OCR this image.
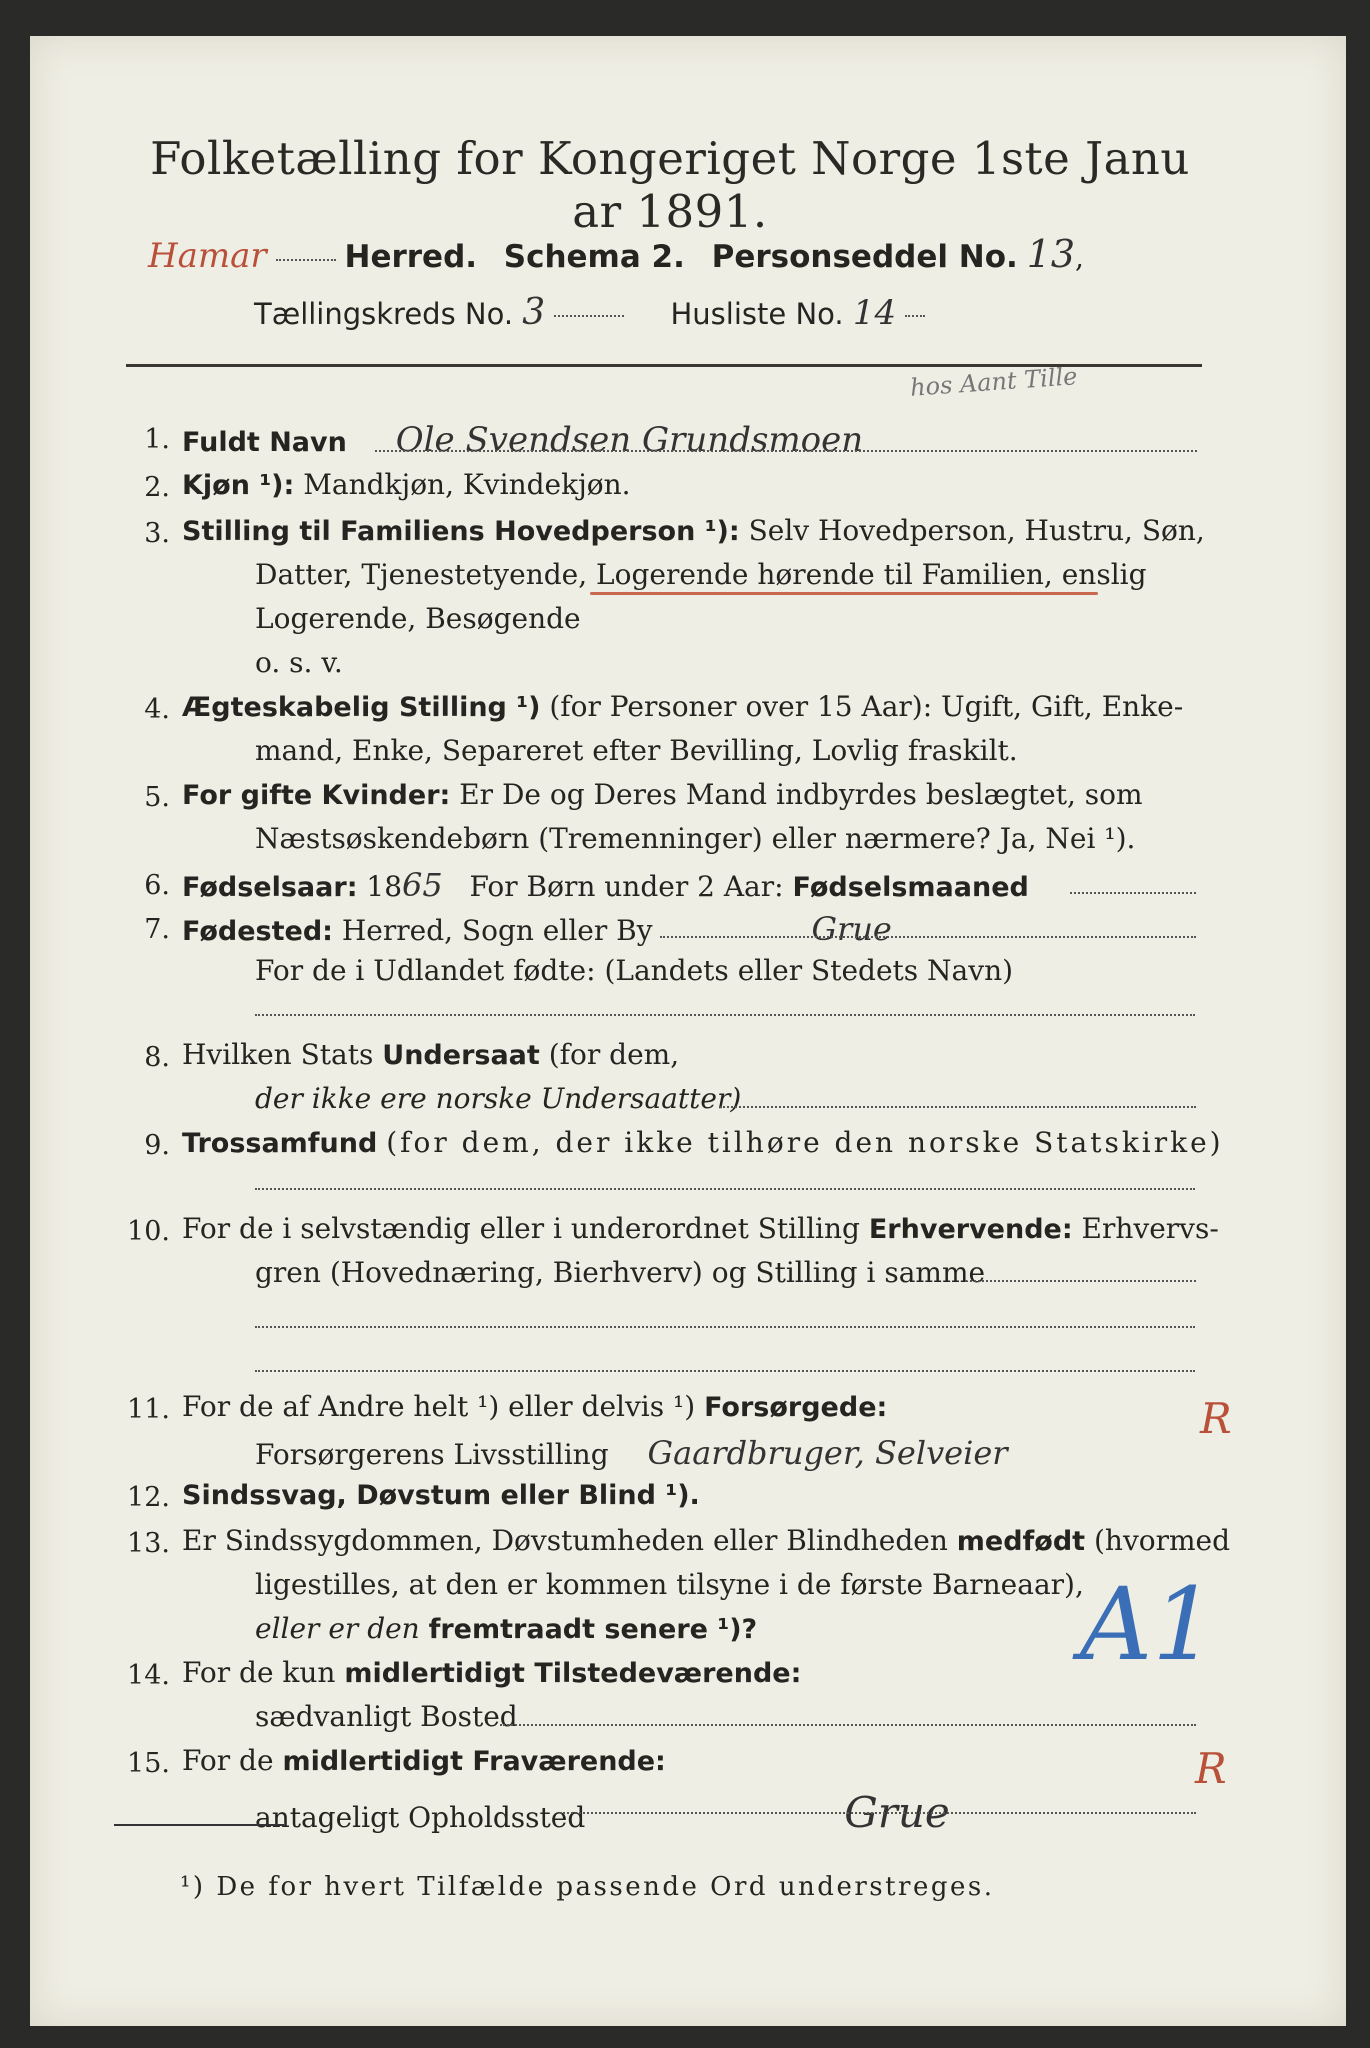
Folketælling for Kongeriget Norge 1ste Janu ar 1891.
Hamar	Herred. Schema 2. Personseddel No. 13,
Tællingskreds No. 3	Husliste No. 14
1. Fuldt Navn Ole Svendsen Grundsmoen
hos Aant Tille
2. Kjøn ¹): Mandkjøn, Kvindekjøn.
3. Stilling til Familiens Hovedperson ¹): Selv Hovedperson, Hustru, Søn,
Datter, Tjenestetyende, Logerende hørende til Familien, enslig
Logerende, Besøgende
o. s. v.
4. Ægteskabelig Stilling ¹) (for Personer over 15 Aar): Ugift, Gift, Enke-
mand, Enke, Separeret efter Bevilling, Lovlig fraskilt.
5. For gifte Kvinder: Er De og Deres Mand indbyrdes beslægtet, som
Næstsøskendebørn (Tremenninger) eller nærmere? Ja, Nei ¹).
6. Fødselsaar: 1865 For Børn under 2 Aar: Fødselsmaaned
7. Fødested: Herred, Sogn eller By	Grue
For de i Udlandet fødte: (Landets eller Stedets Navn)
8. Hvilken Stats Undersaat (for dem,
der ikke ere norske Undersaatter)
9. Trossamfund (for dem, der ikke tilhøre den norske Statskirke)
10. For de i selvstændig eller i underordnet Stilling Erhvervende: Erhvervs-
gren (Hovednæring, Bierhverv) og Stilling i samme
11. For de af Andre helt ¹) eller delvis ¹) Forsørgede:
Forsørgerens Livsstilling Gaardbruger, Selveier
R
12. Sindssvag, Døvstum eller Blind ¹).
13. Er Sindssygdommen, Døvstumheden eller Blindheden medfødt (hvormed
ligestilles, at den er kommen tilsyne i de første Barneaar),
eller er den fremtraadt senere ¹)?	A1
14. For de kun midlertidigt Tilstedeværende:
sædvanligt Bosted
15. For de midlertidigt Fraværende:
antageligt Opholdssted	Grue
R
¹) De for hvert Tilfælde passende Ord understreges.
